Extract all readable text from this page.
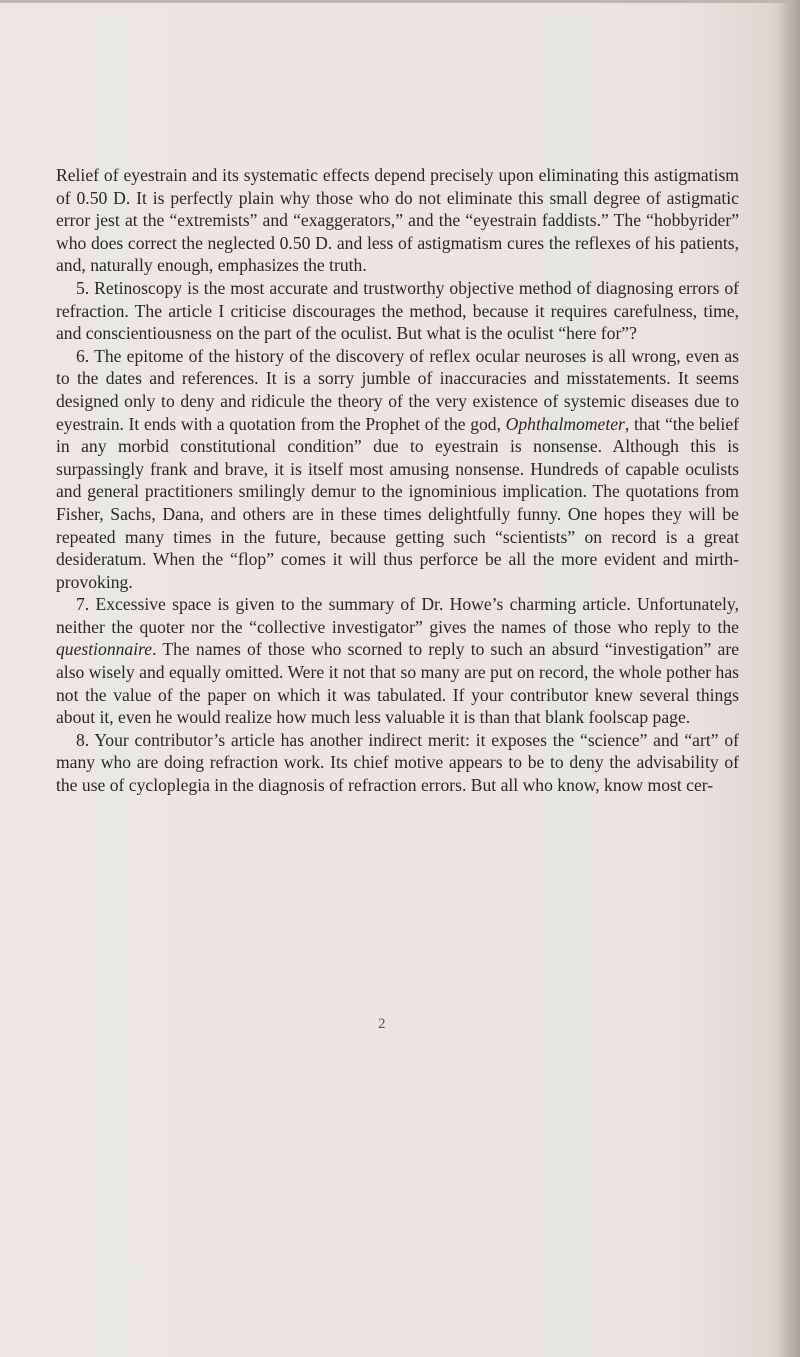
Relief of eyestrain and its systematic effects depend precisely upon eliminating this astigmatism of 0.50 D. It is perfectly plain why those who do not eliminate this small degree of astigmatic error jest at the “extremists” and “exaggerators,” and the “eyestrain faddists.” The “hobbyrider” who does correct the neglected 0.50 D. and less of astigmatism cures the reflexes of his patients, and, naturally enough, emphasizes the truth.

5. Retinoscopy is the most accurate and trustworthy objective method of diagnosing errors of refraction. The article I criticise discourages the method, because it requires carefulness, time, and conscientiousness on the part of the oculist. But what is the oculist “here for”?

6. The epitome of the history of the discovery of reflex ocular neuroses is all wrong, even as to the dates and references. It is a sorry jumble of inaccuracies and misstatements. It seems designed only to deny and ridicule the theory of the very existence of systemic diseases due to eyestrain. It ends with a quotation from the Prophet of the god, Ophthalmometer, that “the belief in any morbid constitutional condition” due to eyestrain is nonsense. Although this is surpassingly frank and brave, it is itself most amusing nonsense. Hundreds of capable oculists and general practitioners smilingly demur to the ignominious implication. The quotations from Fisher, Sachs, Dana, and others are in these times delightfully funny. One hopes they will be repeated many times in the future, because getting such “scientists” on record is a great desideratum. When the “flop” comes it will thus perforce be all the more evident and mirth-provoking.

7. Excessive space is given to the summary of Dr. Howe’s charming article. Unfortunately, neither the quoter nor the “collective investigator” gives the names of those who reply to the questionnaire. The names of those who scorned to reply to such an absurd “investigation” are also wisely and equally omitted. Were it not that so many are put on record, the whole pother has not the value of the paper on which it was tabulated. If your contributor knew several things about it, even he would realize how much less valuable it is than that blank foolscap page.

8. Your contributor’s article has another indirect merit: it exposes the “science” and “art” of many who are doing refraction work. Its chief motive appears to be to deny the advisability of the use of cycloplegia in the diagnosis of refraction errors. But all who know, know most cer-

2
